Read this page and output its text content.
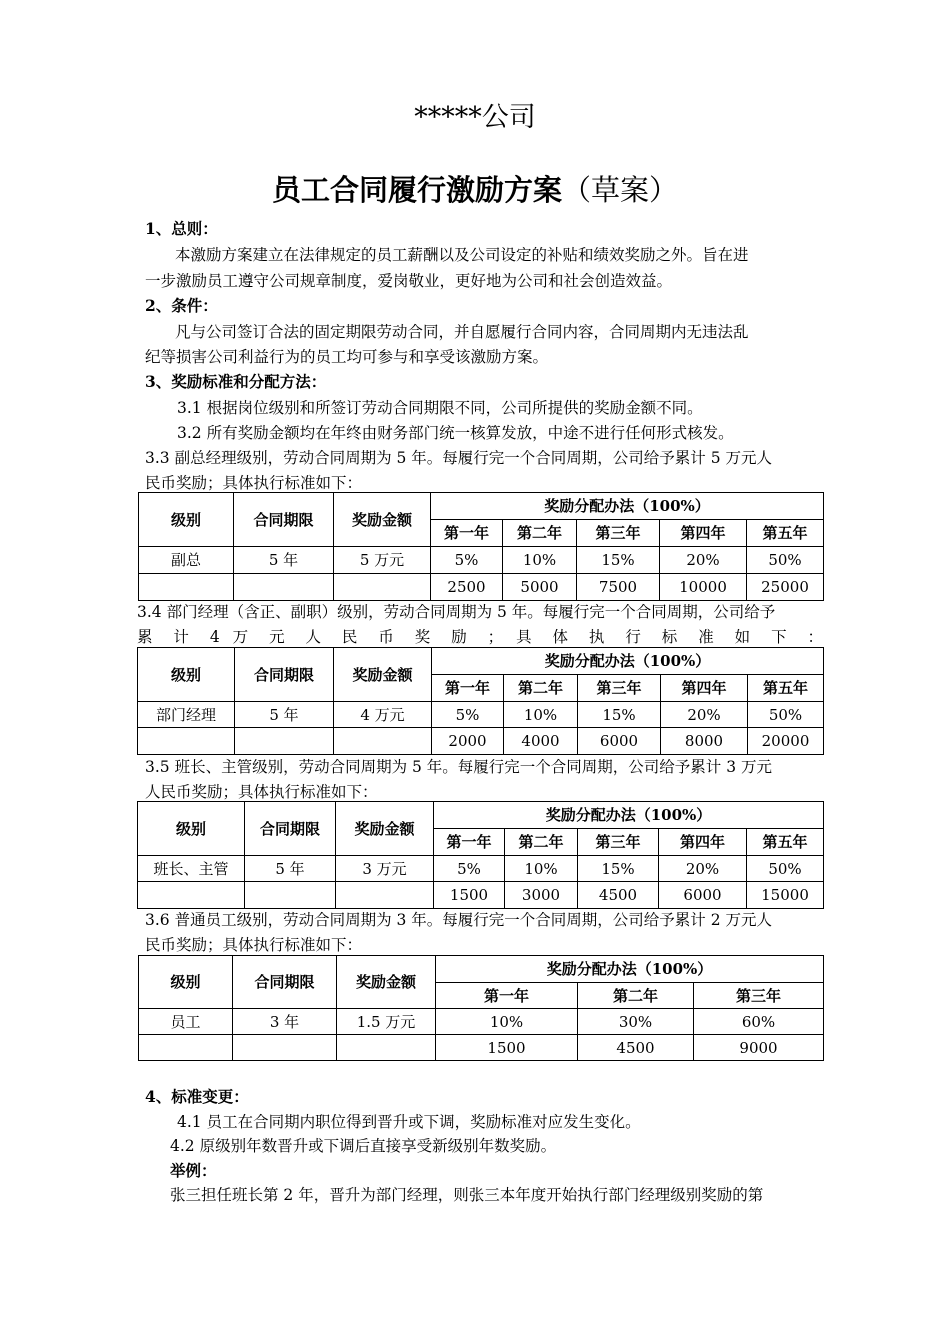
*****公司
员工合同履行激励方案（草案）
1、总则：
本激励方案建立在法律规定的员工薪酬以及公司设定的补贴和绩效奖励之外。旨在进
一步激励员工遵守公司规章制度，爱岗敬业，更好地为公司和社会创造效益。
2、条件：
凡与公司签订合法的固定期限劳动合同，并自愿履行合同内容，合同周期内无违法乱
纪等损害公司利益行为的员工均可参与和享受该激励方案。
3、奖励标准和分配方法：
3.1 根据岗位级别和所签订劳动合同期限不同，公司所提供的奖励金额不同。
3.2 所有奖励金额均在年终由财务部门统一核算发放，中途不进行任何形式核发。
3.3 副总经理级别，劳动合同周期为 5 年。每履行完一个合同周期，公司给予累计 5 万元人
民币奖励；具体执行标准如下：
级别	合同期限	奖励金额	奖励分配办法（100%）				
			第一年	第二年	第三年	第四年	第五年
副总	5 年	5 万元	5%	10%	15%	20%	50%
			2500	5000	7500	10000	25000
3.4 部门经理（含正、副职）级别，劳动合同周期为 5 年。每履行完一个合同周期，公司给予
累 计 4 万 元 人 民 币 奖 励 ； 具 体 执 行 标 准 如 下 ：
级别	合同期限	奖励金额	奖励分配办法（100%）				
			第一年	第二年	第三年	第四年	第五年
部门经理	5 年	4 万元	5%	10%	15%	20%	50%
			2000	4000	6000	8000	20000
3.5 班长、主管级别，劳动合同周期为 5 年。每履行完一个合同周期，公司给予累计 3 万元
人民币奖励；具体执行标准如下：
级别	合同期限	奖励金额	奖励分配办法（100%）				
			第一年	第二年	第三年	第四年	第五年
班长、主管	5 年	3 万元	5%	10%	15%	20%	50%
			1500	3000	4500	6000	15000
3.6 普通员工级别，劳动合同周期为 3 年。每履行完一个合同周期，公司给予累计 2 万元人
民币奖励；具体执行标准如下：
级别	合同期限	奖励金额	奖励分配办法（100%）		
			第一年	第二年	第三年
员工	3 年	1.5 万元	10%	30%	60%
			1500	4500	9000
4、标准变更：
4.1 员工在合同期内职位得到晋升或下调，奖励标准对应发生变化。
4.2 原级别年数晋升或下调后直接享受新级别年数奖励。
举例：
张三担任班长第 2 年，晋升为部门经理，则张三本年度开始执行部门经理级别奖励的第
